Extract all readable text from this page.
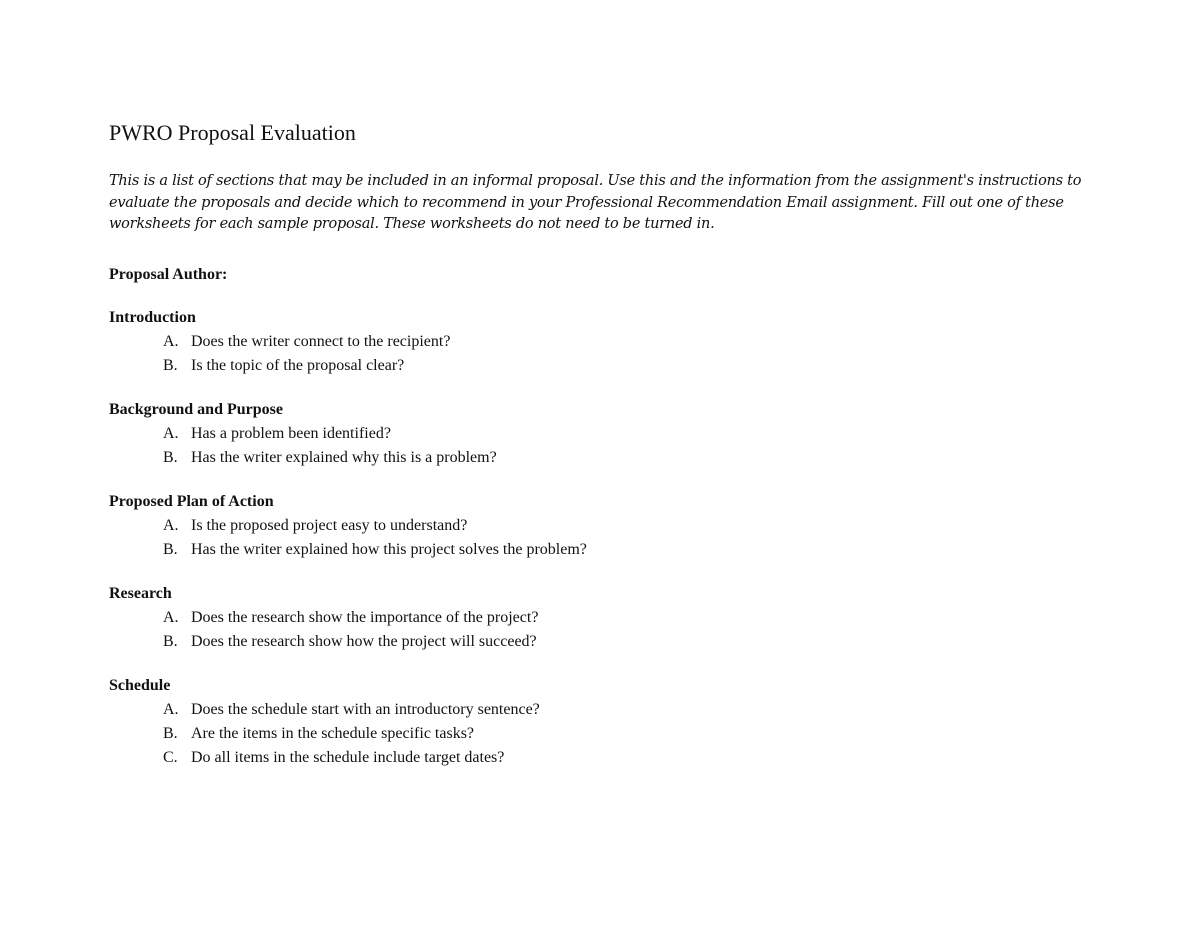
PWRO Proposal Evaluation

This is a list of sections that may be included in an informal proposal. Use this and the information from the assignment's instructions to evaluate the proposals and decide which to recommend in your Professional Recommendation Email assignment. Fill out one of these worksheets for each sample proposal. These worksheets do not need to be turned in.

Proposal Author:

Introduction

A. Does the writer connect to the recipient?
B. Is the topic of the proposal clear?

Background and Purpose

A. Has a problem been identified?
B. Has the writer explained why this is a problem?

Proposed Plan of Action

A. Is the proposed project easy to understand?
B. Has the writer explained how this project solves the problem?

Research

A. Does the research show the importance of the project?
B. Does the research show how the project will succeed?

Schedule

A. Does the schedule start with an introductory sentence?
B. Are the items in the schedule specific tasks?
C. Do all items in the schedule include target dates?
